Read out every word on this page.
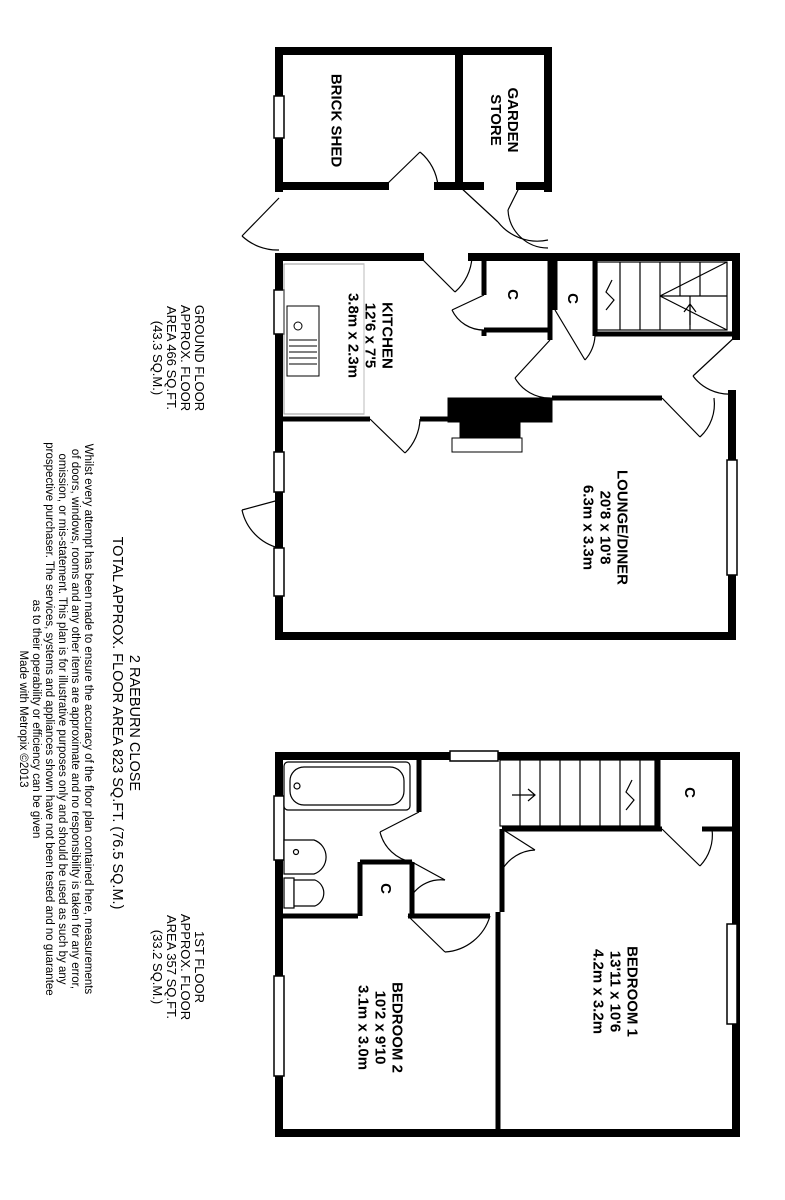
BRICK SHED	GARDEN
STORE
KITCHEN
12'6 x 7'5
3.8m x 2.3m
LOUNGE/DINER
20'8 x 10'8
6.3m x 3.3m
BEDROOM 1
13'11 x 10'6
4.2m x 3.2m
BEDROOM 2
10'2 x 9'10
3.1m x 3.0m
C	C
C
C
GROUND FLOOR
APPROX. FLOOR
AREA 466 SQ.FT.
(43.3 SQ.M.)
1ST FLOOR
APPROX. FLOOR
AREA 357 SQ.FT.
(33.2 SQ.M.)
2 RAEBURN CLOSE
TOTAL APPROX. FLOOR AREA 823 SQ.FT. (76.5 SQ.M.)
Whilst every attempt has been made to ensure the accuracy of the floor plan contained here, measurements
of doors, windows, rooms and any other items are approximate and no responsibility is taken for any error,
omission, or mis-statement. This plan is for illustrative purposes only and should be used as such by any
prospective purchaser. The services, systems and appliances shown have not been tested and no guarantee
as to their operability or efficiency can be given
Made with Metropix ©2013
